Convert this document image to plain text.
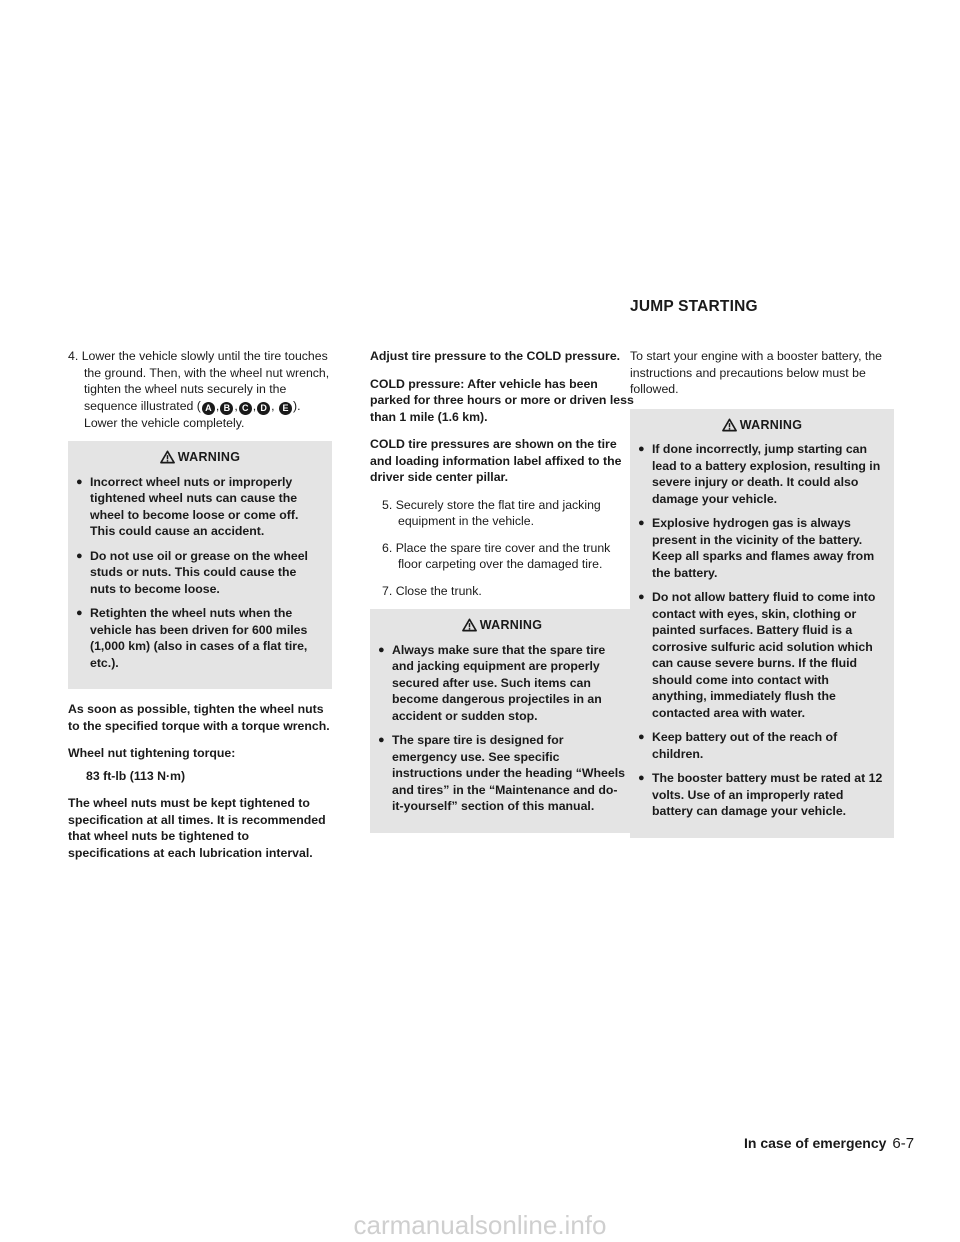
JUMP STARTING

4. Lower the vehicle slowly until the tire touches the ground. Then, with the wheel nut wrench, tighten the wheel nuts securely in the sequence illustrated ( A , B , C , D , E ). Lower the vehicle completely.

WARNING
● Incorrect wheel nuts or improperly tightened wheel nuts can cause the wheel to become loose or come off. This could cause an accident.
● Do not use oil or grease on the wheel studs or nuts. This could cause the nuts to become loose.
● Retighten the wheel nuts when the vehicle has been driven for 600 miles (1,000 km) (also in cases of a flat tire, etc.).

As soon as possible, tighten the wheel nuts to the specified torque with a torque wrench.

Wheel nut tightening torque:

83 ft-lb (113 N·m)

The wheel nuts must be kept tightened to specification at all times. It is recommended that wheel nuts be tightened to specifications at each lubrication interval.

Adjust tire pressure to the COLD pressure.

COLD pressure: After vehicle has been parked for three hours or more or driven less than 1 mile (1.6 km).

COLD tire pressures are shown on the tire and loading information label affixed to the driver side center pillar.

5. Securely store the flat tire and jacking equipment in the vehicle.

6. Place the spare tire cover and the trunk floor carpeting over the damaged tire.

7. Close the trunk.

WARNING
● Always make sure that the spare tire and jacking equipment are properly secured after use. Such items can become dangerous projectiles in an accident or sudden stop.
● The spare tire is designed for emergency use. See specific instructions under the heading “Wheels and tires” in the “Maintenance and do-it-yourself” section of this manual.

To start your engine with a booster battery, the instructions and precautions below must be followed.

WARNING
● If done incorrectly, jump starting can lead to a battery explosion, resulting in severe injury or death. It could also damage your vehicle.
● Explosive hydrogen gas is always present in the vicinity of the battery. Keep all sparks and flames away from the battery.
● Do not allow battery fluid to come into contact with eyes, skin, clothing or painted surfaces. Battery fluid is a corrosive sulfuric acid solution which can cause severe burns. If the fluid should come into contact with anything, immediately flush the contacted area with water.
● Keep battery out of the reach of children.
● The booster battery must be rated at 12 volts. Use of an improperly rated battery can damage your vehicle.
In case of emergency 6-7
carmanualsonline.info
